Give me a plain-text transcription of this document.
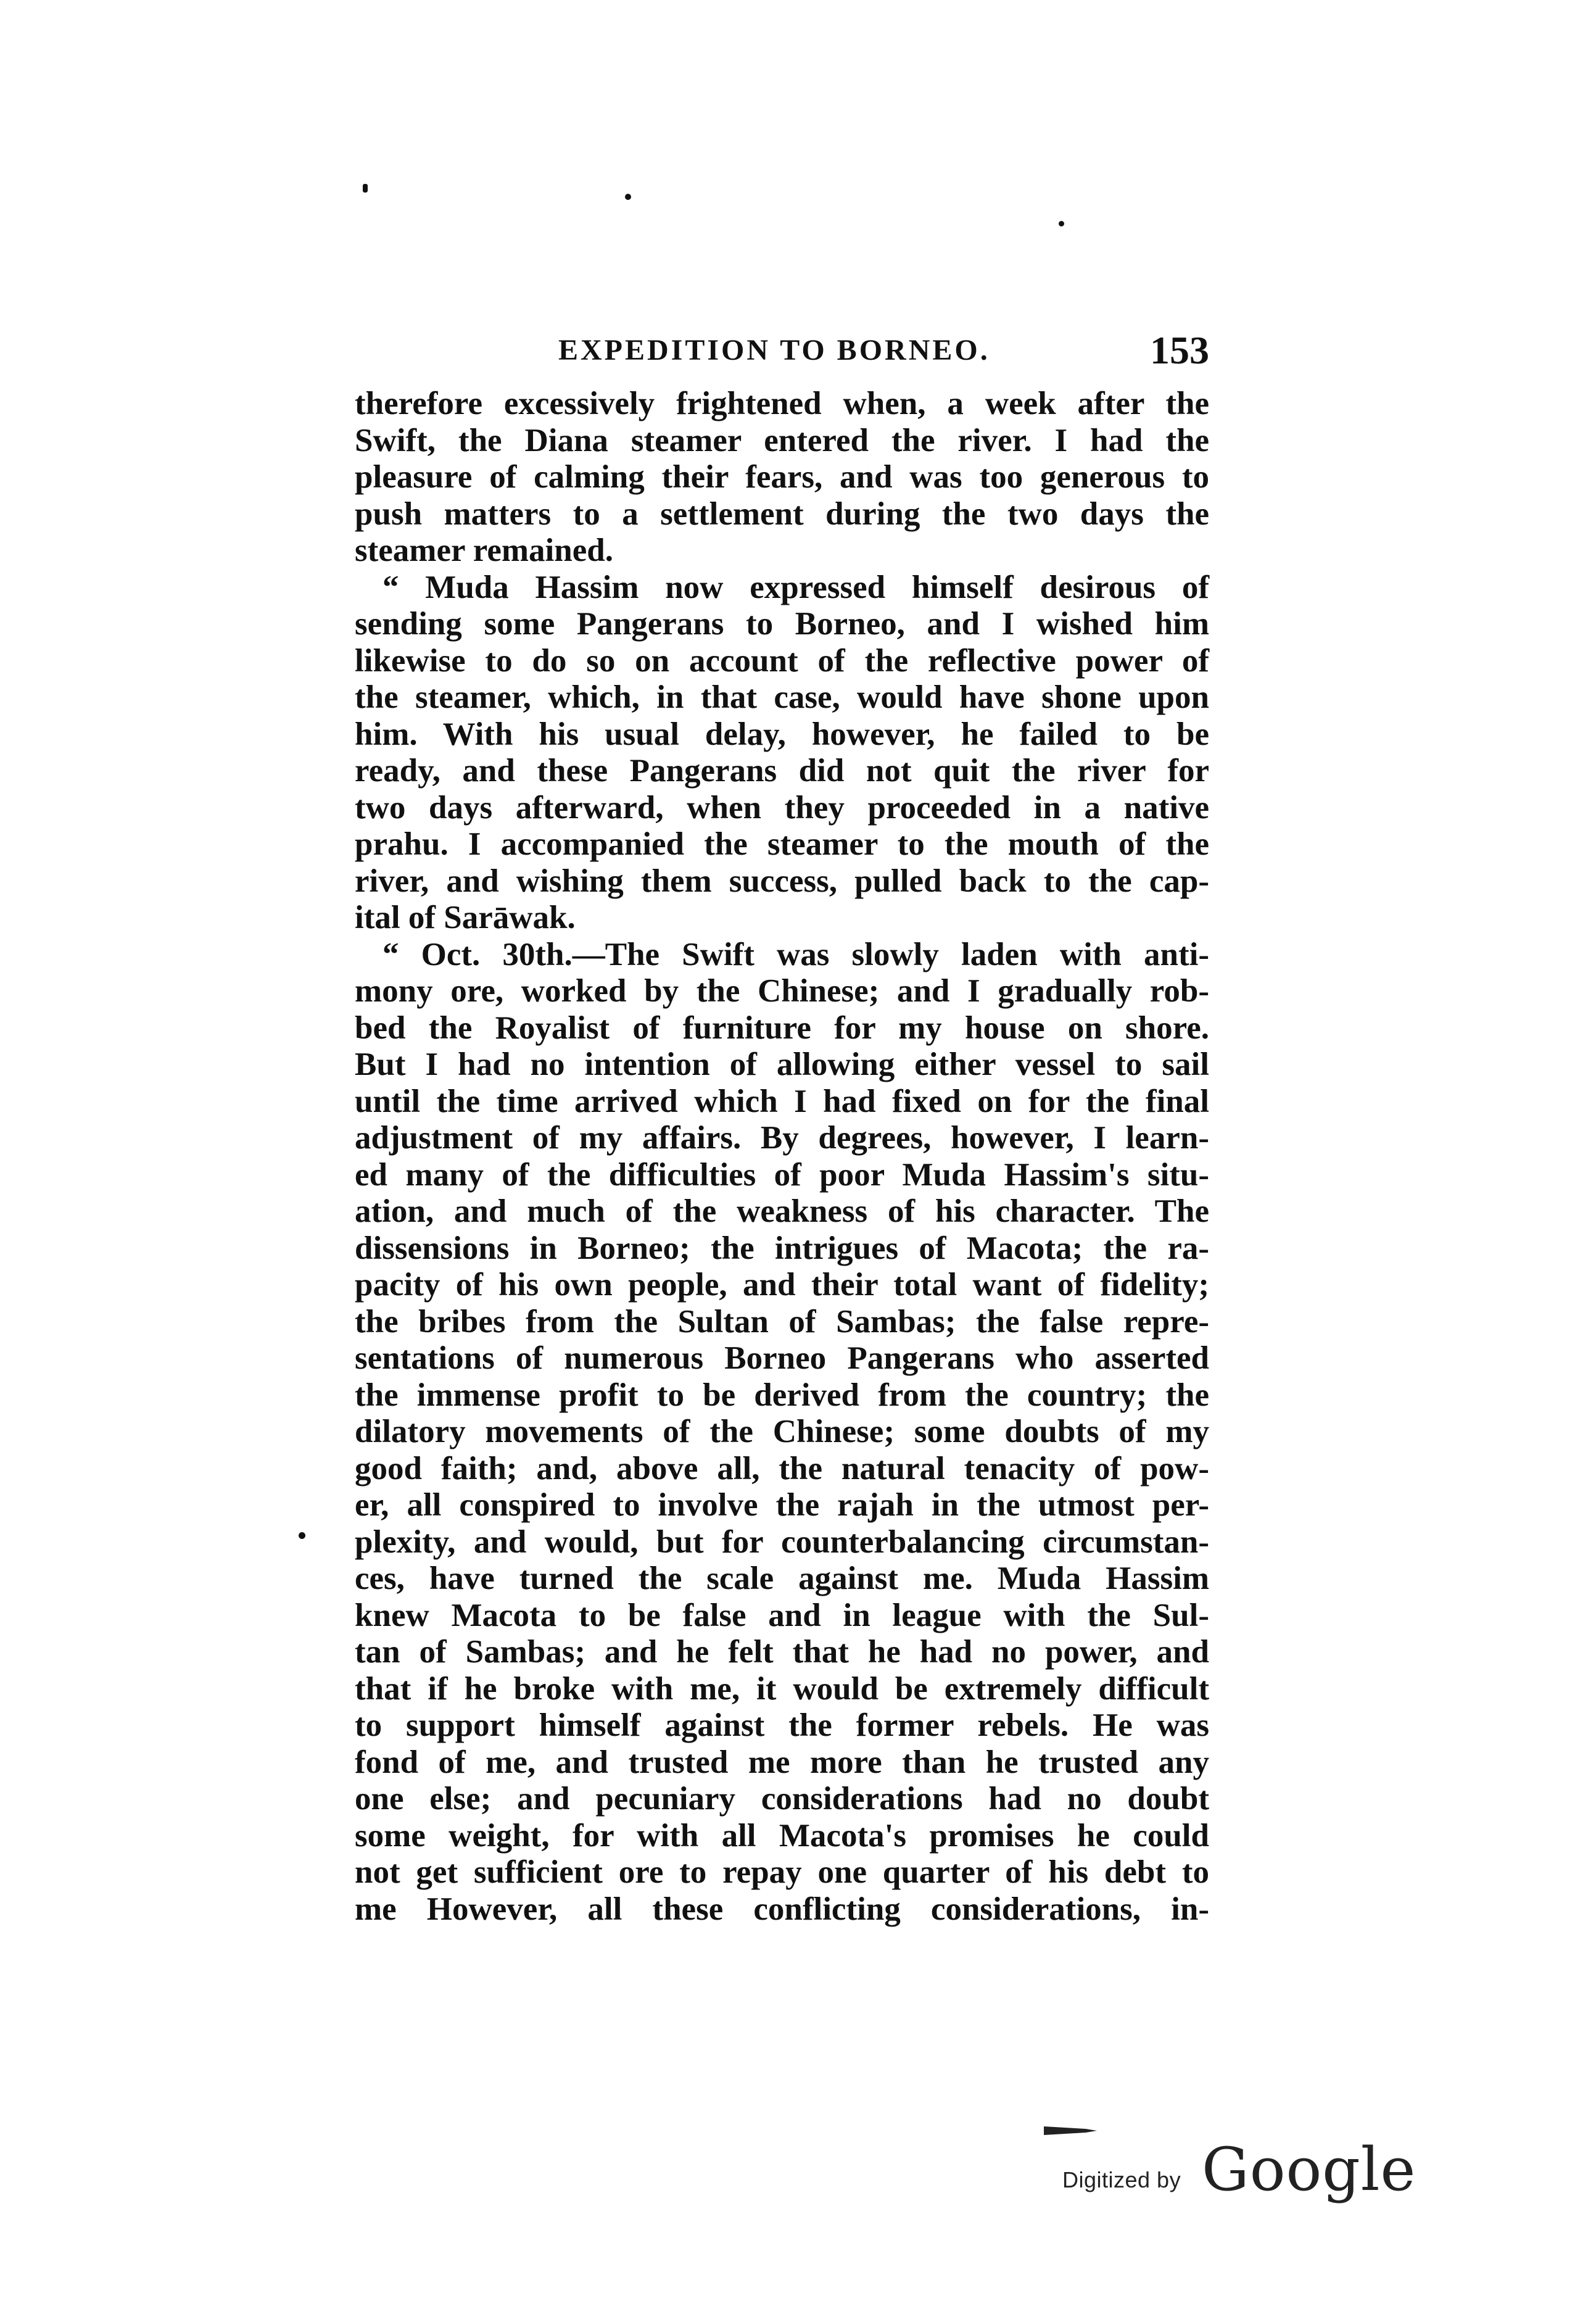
EXPEDITION TO BORNEO.	153
therefore excessively frightened when, a week after the
Swift, the Diana steamer entered the river. I had the
pleasure of calming their fears, and was too generous to
push matters to a settlement during the two days the
steamer remained.
“ Muda Hassim now expressed himself desirous of
sending some Pangerans to Borneo, and I wished him
likewise to do so on account of the reflective power of
the steamer, which, in that case, would have shone upon
him. With his usual delay, however, he failed to be
ready, and these Pangerans did not quit the river for
two days afterward, when they proceeded in a native
prahu. I accompanied the steamer to the mouth of the
river, and wishing them success, pulled back to the cap-
ital of Sarāwak.
“ Oct. 30th.—The Swift was slowly laden with anti-
mony ore, worked by the Chinese; and I gradually rob-
bed the Royalist of furniture for my house on shore.
But I had no intention of allowing either vessel to sail
until the time arrived which I had fixed on for the final
adjustment of my affairs. By degrees, however, I learn-
ed many of the difficulties of poor Muda Hassim's situ-
ation, and much of the weakness of his character. The
dissensions in Borneo; the intrigues of Macota; the ra-
pacity of his own people, and their total want of fidelity;
the bribes from the Sultan of Sambas; the false repre-
sentations of numerous Borneo Pangerans who asserted
the immense profit to be derived from the country; the
dilatory movements of the Chinese; some doubts of my
good faith; and, above all, the natural tenacity of pow-
er, all conspired to involve the rajah in the utmost per-
plexity, and would, but for counterbalancing circumstan-
ces, have turned the scale against me. Muda Hassim
knew Macota to be false and in league with the Sul-
tan of Sambas; and he felt that he had no power, and
that if he broke with me, it would be extremely difficult
to support himself against the former rebels. He was
fond of me, and trusted me more than he trusted any
one else; and pecuniary considerations had no doubt
some weight, for with all Macota's promises he could
not get sufficient ore to repay one quarter of his debt to
me However, all these conflicting considerations, in-
Digitized by Google
